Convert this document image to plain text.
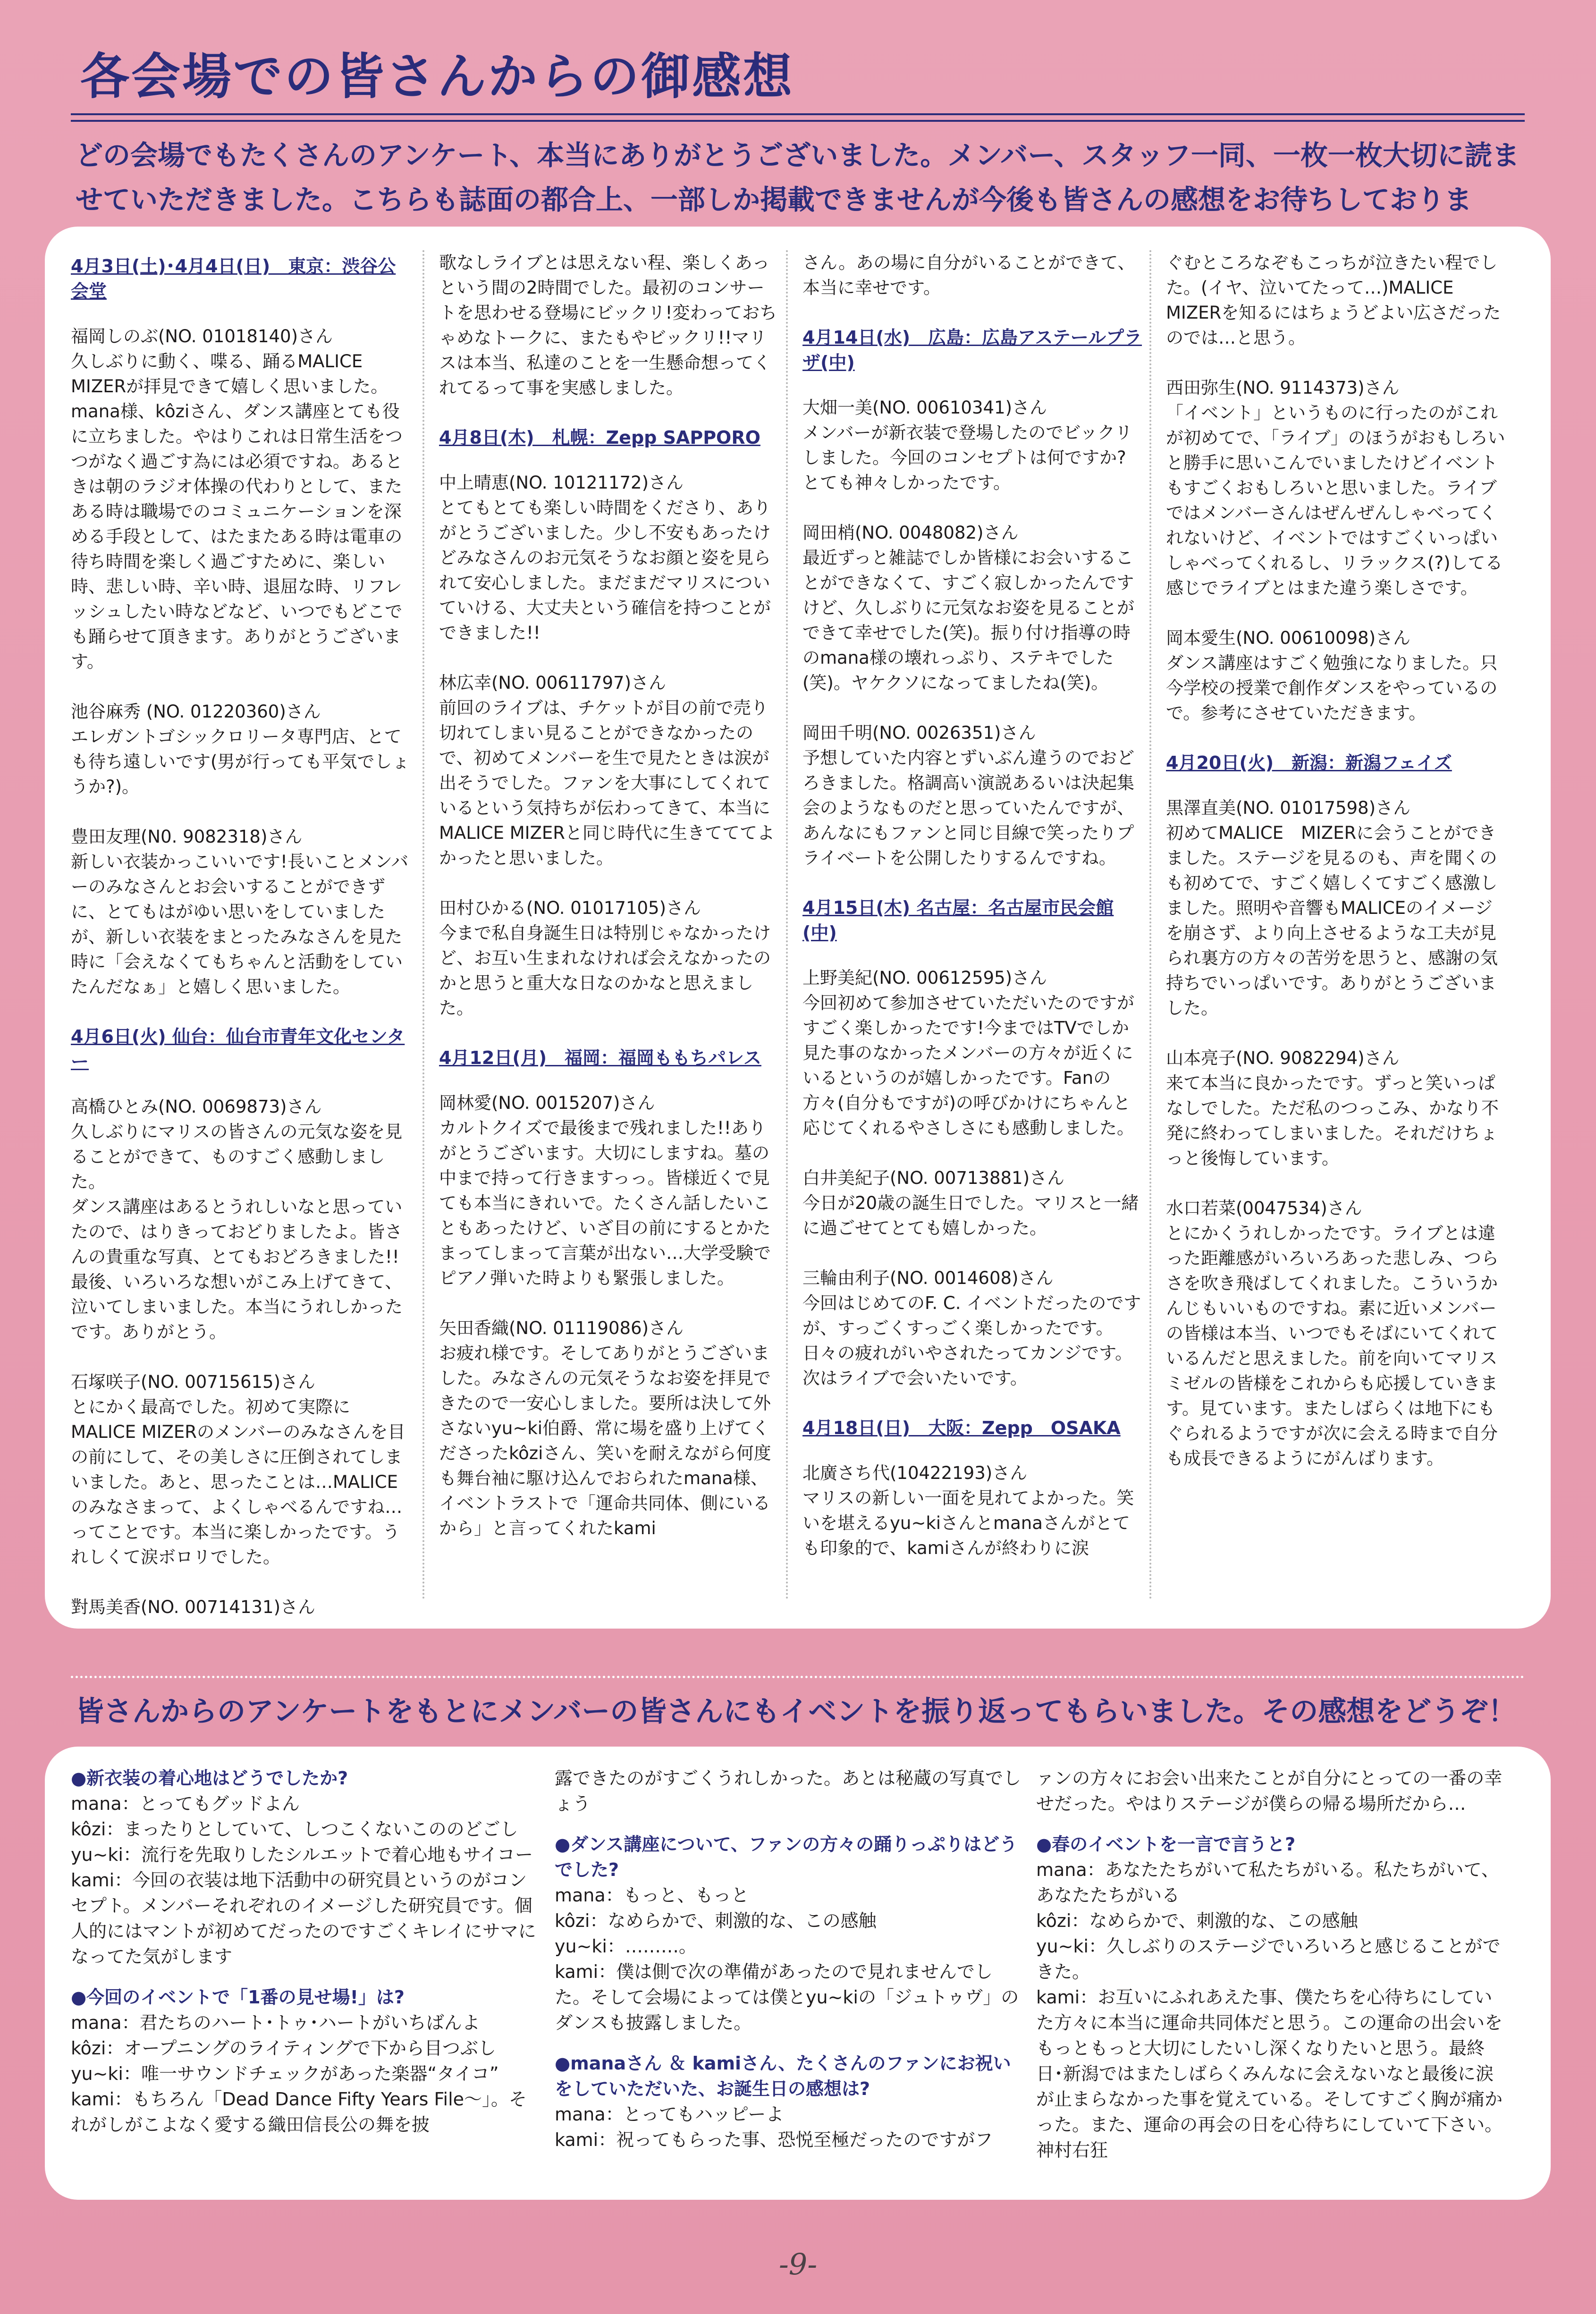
各会場での皆さんからの御感想
どの会場でもたくさんのアンケート、本当にありがとうございました。メンバー、スタッフ一同、一枚一枚大切に読ませていただきました。こちらも誌面の都合上、一部しか掲載できませんが今後も皆さんの感想をお待ちしておりま
4月3日(土)･4月4日(日)　東京：渋谷公会堂

福岡しのぶ(NO. 01018140)さん
久しぶりに動く、喋る、踊るMALICE MIZERが拝見できて嬉しく思いました。mana様、kôziさん、ダンス講座とても役に立ちました。やはりこれは日常生活をつつがなく過ごす為には必須ですね。あるときは朝のラジオ体操の代わりとして、またある時は職場でのコミュニケーションを深める手段として、はたまたある時は電車の待ち時間を楽しく過ごすために、楽しい時、悲しい時、辛い時、退屈な時、リフレッシュしたい時などなど、いつでもどこでも踊らせて頂きます。ありがとうございます。

池谷麻秀 (NO. 01220360)さん
エレガントゴシックロリータ専門店、とても待ち遠しいです(男が行っても平気でしょうか?)。

豊田友理(N0. 9082318)さん
新しい衣装かっこいいです!長いことメンバーのみなさんとお会いすることができずに、とてもはがゆい思いをしていましたが、新しい衣装をまとったみなさんを見た時に「会えなくてもちゃんと活動をしていたんだなぁ」と嬉しく思いました。

4月6日(火) 仙台：仙台市青年文化センター

高橋ひとみ(NO. 0069873)さん
久しぶりにマリスの皆さんの元気な姿を見ることができて、ものすごく感動しました。
ダンス講座はあるとうれしいなと思っていたので、はりきっておどりましたよ。皆さんの貴重な写真、とてもおどろきました!!最後、いろいろな想いがこみ上げてきて、泣いてしまいました。本当にうれしかったです。ありがとう。

石塚咲子(NO. 00715615)さん
とにかく最高でした。初めて実際にMALICE MIZERのメンバーのみなさんを目の前にして、その美しさに圧倒されてしまいました。あと、思ったことは…MALICEのみなさまって、よくしゃべるんですね…ってことです。本当に楽しかったです。うれしくて涙ボロリでした。

對馬美香(NO. 00714131)さん

歌なしライブとは思えない程、楽しくあっという間の2時間でした。最初のコンサートを思わせる登場にビックリ!変わっておちゃめなトークに、またもやビックリ!!マリスは本当、私達のことを一生懸命想ってくれてるって事を実感しました。

4月8日(木)　札幌：Zepp SAPPORO

中上晴恵(NO. 10121172)さん
とてもとても楽しい時間をくださり、ありがとうございました。少し不安もあったけどみなさんのお元気そうなお顔と姿を見られて安心しました。まだまだマリスについていける、大丈夫という確信を持つことができました!!

林広幸(NO. 00611797)さん
前回のライブは、チケットが目の前で売り切れてしまい見ることができなかったので、初めてメンバーを生で見たときは涙が出そうでした。ファンを大事にしてくれているという気持ちが伝わってきて、本当にMALICE MIZERと同じ時代に生きてててよかったと思いました。

田村ひかる(NO. 01017105)さん
今まで私自身誕生日は特別じゃなかったけど、お互い生まれなければ会えなかったのかと思うと重大な日なのかなと思えました。

4月12日(月)　福岡：福岡ももちパレス

岡林愛(NO. 0015207)さん
カルトクイズで最後まで残れました!!ありがとうございます。大切にしますね。墓の中まで持って行きますっっ。皆様近くで見ても本当にきれいで。たくさん話したいこともあったけど、いざ目の前にするとかたまってしまって言葉が出ない…大学受験でピアノ弾いた時よりも緊張しました。

矢田香織(NO. 01119086)さん
お疲れ様です。そしてありがとうございました。みなさんの元気そうなお姿を拝見できたので一安心しました。要所は決して外さないyu~ki伯爵、常に場を盛り上げてくださったkôziさん、笑いを耐えながら何度も舞台袖に駆け込んでおられたmana様、イベントラストで「運命共同体、側にいるから」と言ってくれたkami

さん。あの場に自分がいることができて、本当に幸せです。

4月14日(水)　広島：広島アステールプラザ(中)

大畑一美(NO. 00610341)さん
メンバーが新衣装で登場したのでビックリしました。今回のコンセプトは何ですか?とても神々しかったです。

岡田梢(NO. 0048082)さん
最近ずっと雑誌でしか皆様にお会いすることができなくて、すごく寂しかったんですけど、久しぶりに元気なお姿を見ることができて幸せでした(笑)。振り付け指導の時のmana様の壊れっぷり、ステキでした(笑)。ヤケクソになってましたね(笑)。

岡田千明(NO. 0026351)さん
予想していた内容とずいぶん違うのでおどろきました。格調高い演説あるいは決起集会のようなものだと思っていたんですが、あんなにもファンと同じ目線で笑ったりプライベートを公開したりするんですね。

4月15日(木) 名古屋：名古屋市民会館(中)

上野美紀(NO. 00612595)さん
今回初めて参加させていただいたのですがすごく楽しかったです!今まではTVでしか見た事のなかったメンバーの方々が近くにいるというのが嬉しかったです。Fanの方々(自分もですが)の呼びかけにちゃんと応じてくれるやさしさにも感動しました。

白井美紀子(NO. 00713881)さん
今日が20歳の誕生日でした。マリスと一緒に過ごせてとても嬉しかった。

三輪由利子(NO. 0014608)さん
今回はじめてのF. C. イベントだったのですが、すっごくすっごく楽しかったです。日々の疲れがいやされたってカンジです。次はライブで会いたいです。

4月18日(日)　大阪：Zepp　OSAKA

北廣さち代(10422193)さん
マリスの新しい一面を見れてよかった。笑いを堪えるyu~kiさんとmanaさんがとても印象的で、kamiさんが終わりに涙

ぐむところなぞもこっちが泣きたい程でした。(イヤ、泣いてたって…)MALICE MIZERを知るにはちょうどよい広さだったのでは…と思う。

西田弥生(NO. 9114373)さん
「イベント」というものに行ったのがこれが初めてで、「ライブ」のほうがおもしろいと勝手に思いこんでいましたけどイベントもすごくおもしろいと思いました。ライブではメンバーさんはぜんぜんしゃべってくれないけど、イベントではすごくいっぱいしゃべってくれるし、リラックス(?)してる感じでライブとはまた違う楽しさです。

岡本愛生(NO. 00610098)さん
ダンス講座はすごく勉強になりました。只今学校の授業で創作ダンスをやっているので。参考にさせていただきます。

4月20日(火)　新潟：新潟フェイズ

黒澤直美(NO. 01017598)さん
初めてMALICE　MIZERに会うことができました。ステージを見るのも、声を聞くのも初めてで、すごく嬉しくてすごく感激しました。照明や音響もMALICEのイメージを崩さず、より向上させるような工夫が見られ裏方の方々の苦労を思うと、感謝の気持ちでいっぱいです。ありがとうございました。

山本亮子(NO. 9082294)さん
来て本当に良かったです。ずっと笑いっぱなしでした。ただ私のつっこみ、かなり不発に終わってしまいました。それだけちょっと後悔しています。

水口若菜(0047534)さん
とにかくうれしかったです。ライブとは違った距離感がいろいろあった悲しみ、つらさを吹き飛ばしてくれました。こういうかんじもいいものですね。素に近いメンバーの皆様は本当、いつでもそばにいてくれているんだと思えました。前を向いてマリスミゼルの皆様をこれからも応援していきます。見ています。またしばらくは地下にもぐられるようですが次に会える時まで自分も成長できるようにがんばります。

皆さんからのアンケートをもとにメンバーの皆さんにもイベントを振り返ってもらいました。その感想をどうぞ！
●新衣装の着心地はどうでしたか?

mana：とってもグッドよん
kôzi：まったりとしていて、しつこくないこののどごし
yu~ki：流行を先取りしたシルエットで着心地もサイコー
kami：今回の衣装は地下活動中の研究員というのがコンセプト。メンバーそれぞれのイメージした研究員です。個人的にはマントが初めてだったのですごくキレイにサマになってた気がします

●今回のイベントで「1番の見せ場!」は?

mana：君たちのハート･トゥ･ハートがいちばんよ
kôzi：オープニングのライティングで下から目つぶし
yu~ki：唯一サウンドチェックがあった楽器“タイコ”
kami：もちろん「Dead Dance Fifty Years File～」。それがしがこよなく愛する織田信長公の舞を披

露できたのがすごくうれしかった。あとは秘蔵の写真でしょう

●ダンス講座について、ファンの方々の踊りっぷりはどうでした?

mana：もっと、もっと
kôzi：なめらかで、刺激的な、この感触
yu~ki：………。
kami：僕は側で次の準備があったので見れませんでした。そして会場によっては僕とyu~kiの「ジュトゥヴ」のダンスも披露しました。

●manaさん ＆ kamiさん、たくさんのファンにお祝いをしていただいた、お誕生日の感想は?

mana：とってもハッピーよ
kami：祝ってもらった事、恐悦至極だったのですがフ

ァンの方々にお会い出来たことが自分にとっての一番の幸せだった。やはりステージが僕らの帰る場所だから…

●春のイベントを一言で言うと?

mana：あなたたちがいて私たちがいる。私たちがいて、あなたたちがいる
kôzi：なめらかで、刺激的な、この感触
yu~ki：久しぶりのステージでいろいろと感じることができた。
kami：お互いにふれあえた事、僕たちを心待ちにしていた方々に本当に運命共同体だと思う。この運命の出会いをもっともっと大切にしたいし深くなりたいと思う。最終日･新潟ではまたしばらくみんなに会えないなと最後に涙が止まらなかった事を覚えている。そしてすごく胸が痛かった。また、運命の再会の日を心待ちにしていて下さい。神村右狂

-9-
